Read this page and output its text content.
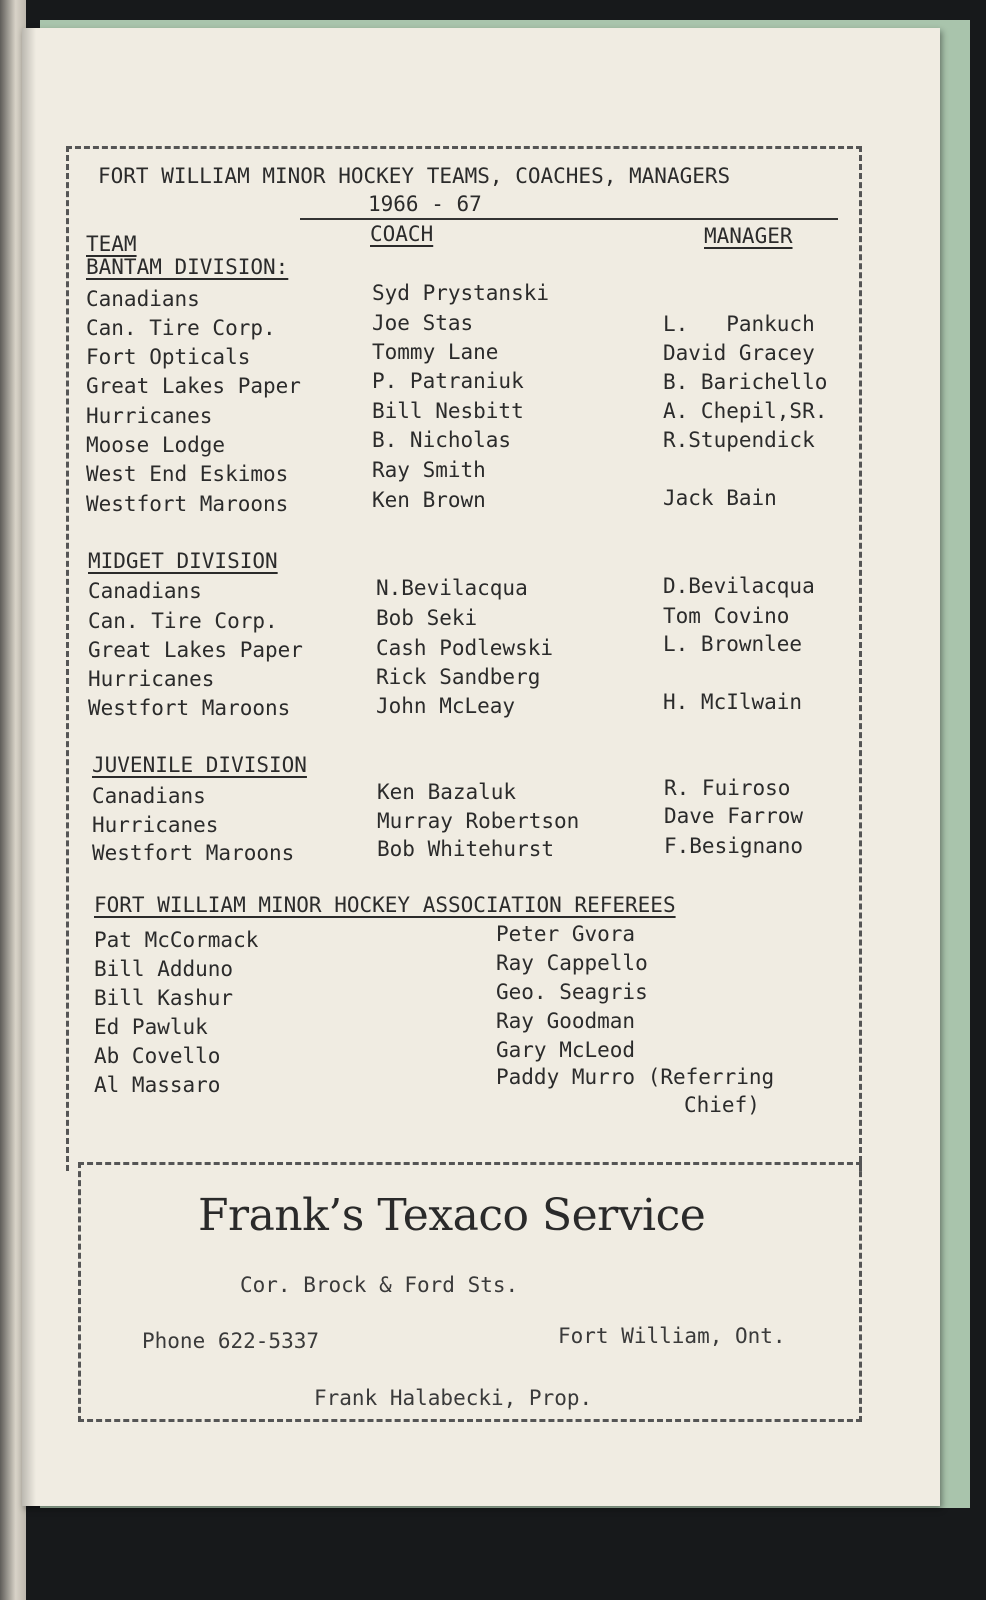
FORT WILLIAM MINOR HOCKEY TEAMS, COACHES, MANAGERS
1966 - 67
TEAM	COACH	MANAGER
BANTAM DIVISION:
Canadians	Syd Prystanski
Can. Tire Corp.	Joe Stas	L.   Pankuch
Fort Opticals	Tommy Lane	David Gracey
Great Lakes Paper	P. Patraniuk	B. Barichello
Hurricanes	Bill Nesbitt	A. Chepil,SR.
Moose Lodge	B. Nicholas	R.Stupendick
West End Eskimos	Ray Smith
Westfort Maroons	Ken Brown	Jack Bain
MIDGET DIVISION
Canadians	N.Bevilacqua	D.Bevilacqua
Can. Tire Corp.	Bob Seki	Tom Covino
Great Lakes Paper	Cash Podlewski	L. Brownlee
Hurricanes	Rick Sandberg
Westfort Maroons	John McLeay	H. McIlwain
JUVENILE DIVISION
Canadians	Ken Bazaluk	R. Fuiroso
Hurricanes	Murray Robertson	Dave Farrow
Westfort Maroons	Bob Whitehurst	F.Besignano
FORT WILLIAM MINOR HOCKEY ASSOCIATION REFEREES
Pat McCormack
Bill Adduno
Bill Kashur
Ed Pawluk
Ab Covello
Al Massaro
Peter Gvora
Ray Cappello
Geo. Seagris
Ray Goodman
Gary McLeod
Paddy Murro (Referring
Chief)
Frank’s Texaco Service
Cor. Brock & Ford Sts.
Phone 622-5337	Fort William, Ont.
Frank Halabecki, Prop.
